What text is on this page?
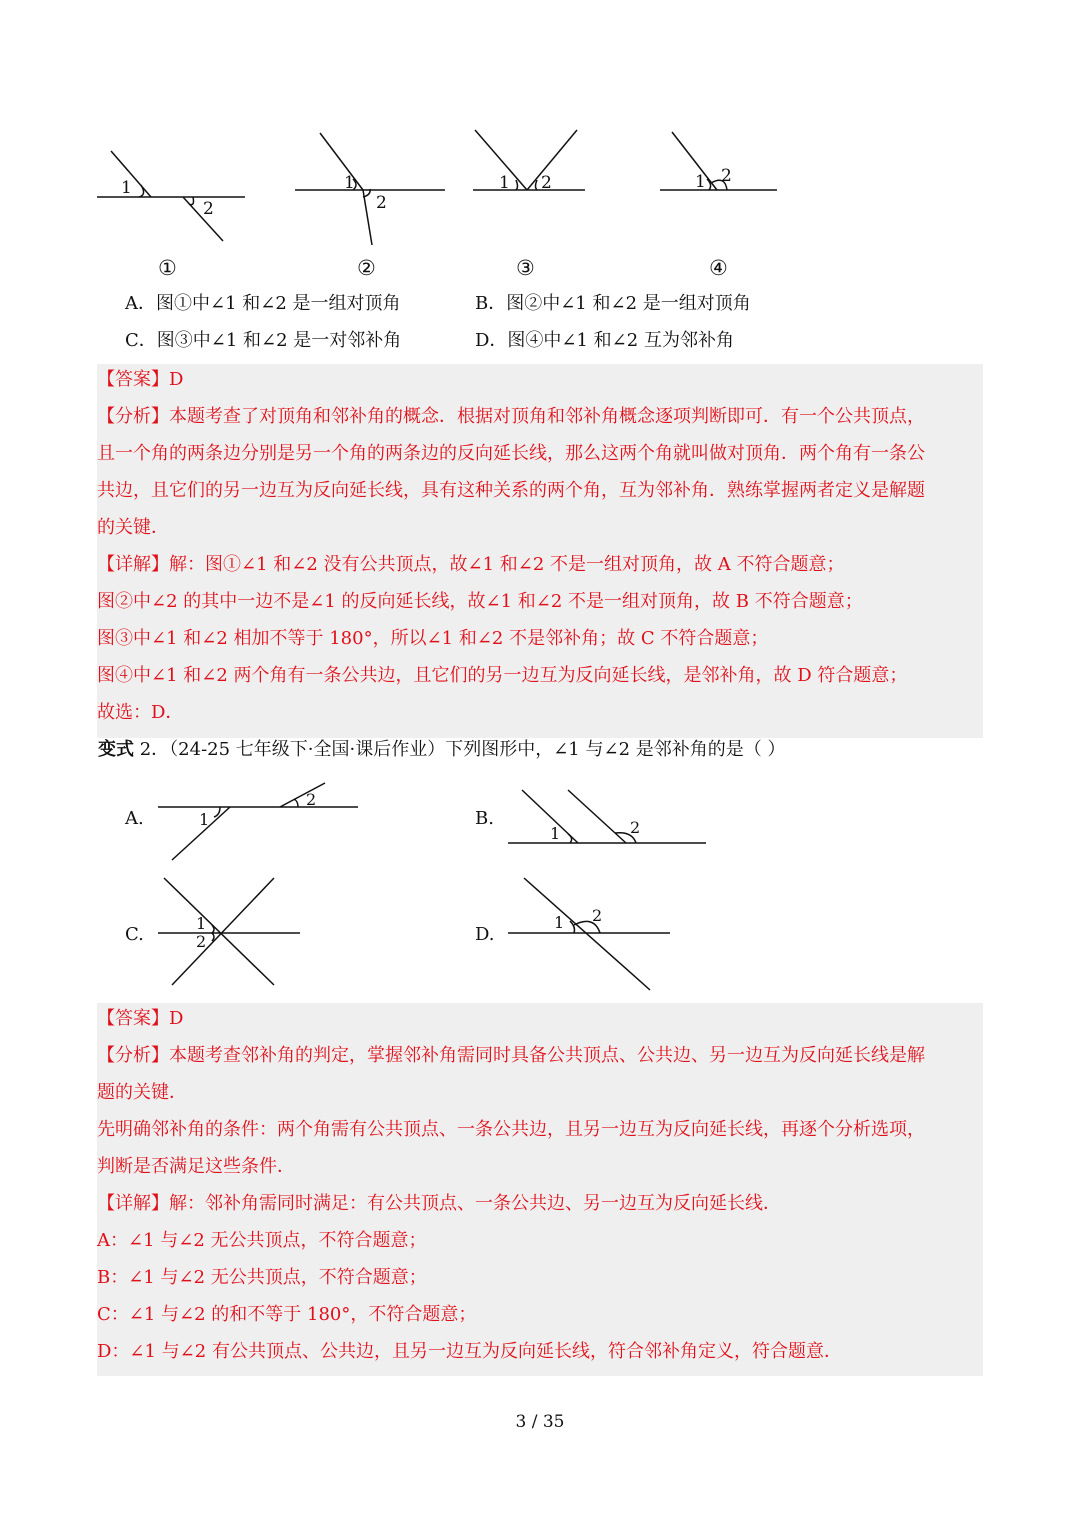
1
2
1
2
1 2	1 2
①	②	③	④
A．图①中∠1 和∠2 是一组对顶角	B．图②中∠1 和∠2 是一组对顶角
C．图③中∠1 和∠2 是一对邻补角	D．图④中∠1 和∠2 互为邻补角
【答案】D
【分析】本题考查了对顶角和邻补角的概念．根据对顶角和邻补角概念逐项判断即可．有一个公共顶点，
且一个角的两条边分别是另一个角的两条边的反向延长线，那么这两个角就叫做对顶角．两个角有一条公
共边，且它们的另一边互为反向延长线，具有这种关系的两个角，互为邻补角．熟练掌握两者定义是解题
的关键．
【详解】解：图①∠1 和∠2 没有公共顶点，故∠1 和∠2 不是一组对顶角，故 A 不符合题意；
图②中∠2 的其中一边不是∠1 的反向延长线，故∠1 和∠2 不是一组对顶角，故 B 不符合题意；
图③中∠1 和∠2 相加不等于 180°，所以∠1 和∠2 不是邻补角；故 C 不符合题意；
图④中∠1 和∠2 两个角有一条公共边，且它们的另一边互为反向延长线，是邻补角，故 D 符合题意；
故选：D．
变式 2．（24-25 七年级下·全国·课后作业）下列图形中，∠1 与∠2 是邻补角的是（ ）
1
2
1	2
1
2
1 2
A.	B.
C.	D.
【答案】D
【分析】本题考查邻补角的判定，掌握邻补角需同时具备公共顶点、公共边、另一边互为反向延长线是解
题的关键．
先明确邻补角的条件：两个角需有公共顶点、一条公共边，且另一边互为反向延长线，再逐个分析选项，
判断是否满足这些条件．
【详解】解：邻补角需同时满足：有公共顶点、一条公共边、另一边互为反向延长线．
A：∠1 与∠2 无公共顶点，不符合题意；
B：∠1 与∠2 无公共顶点，不符合题意；
C：∠1 与∠2 的和不等于 180°，不符合题意；
D：∠1 与∠2 有公共顶点、公共边，且另一边互为反向延长线，符合邻补角定义，符合题意．
3 / 35
